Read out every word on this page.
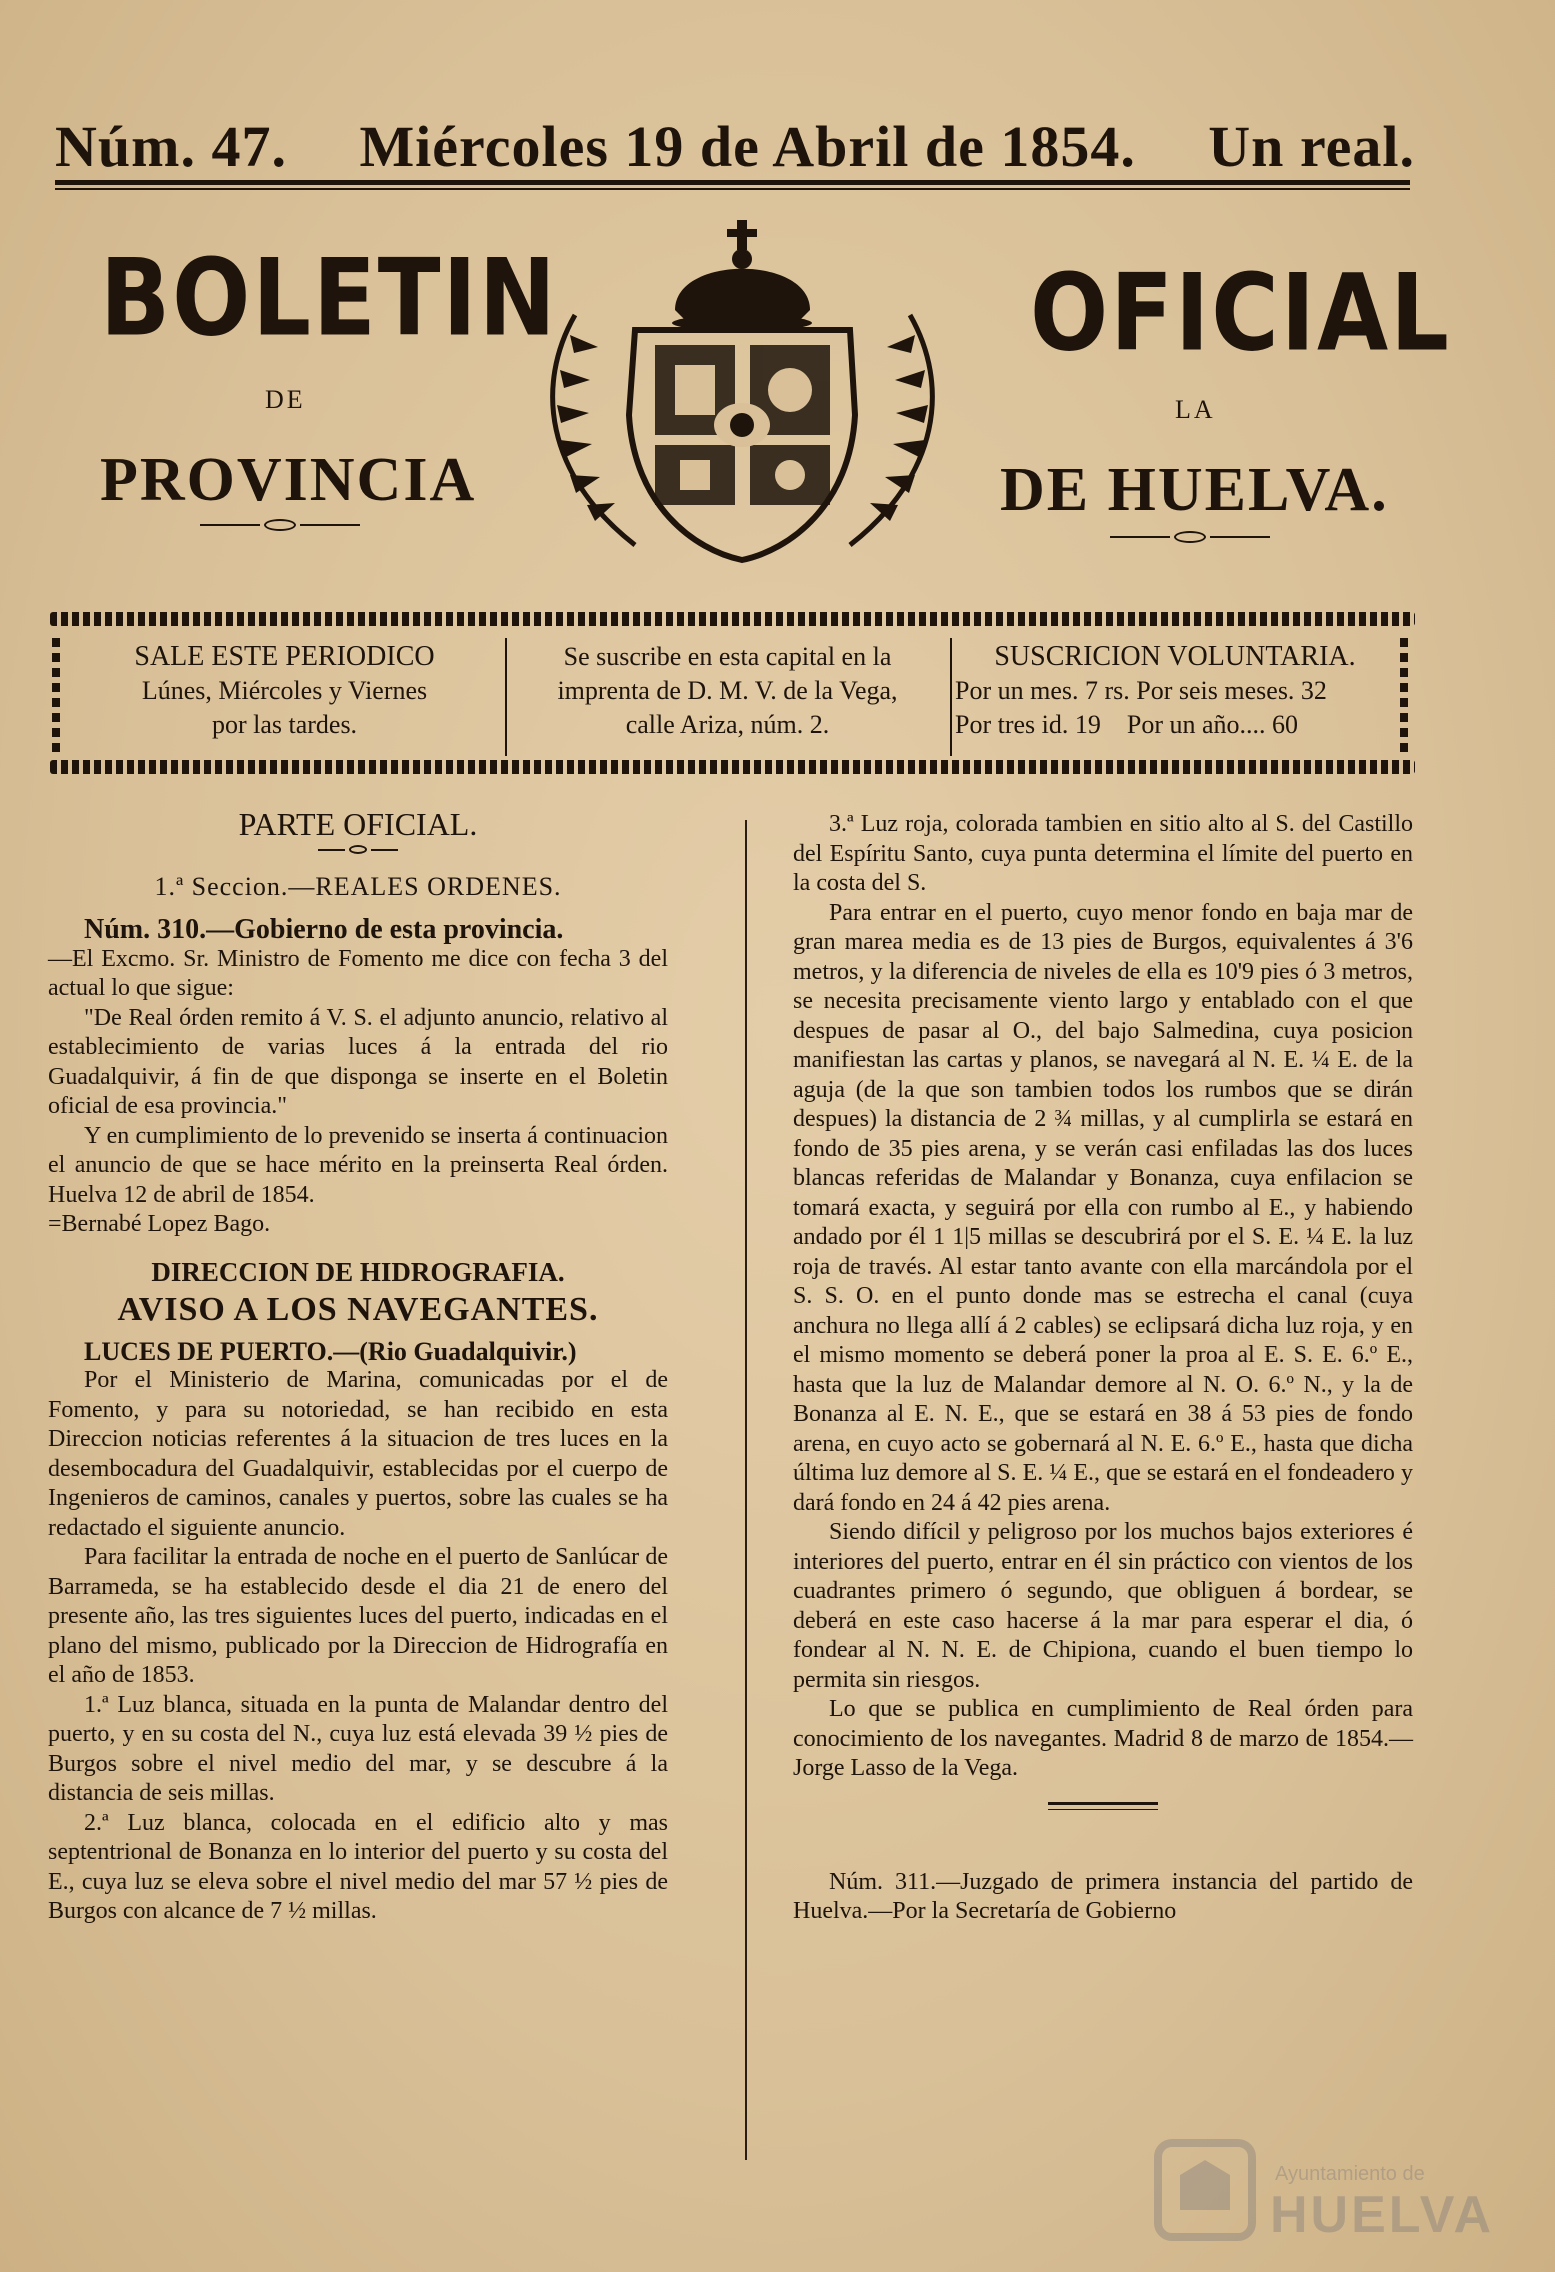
Núm. 47. Miércoles 19 de Abril de 1854. Un real.
BOLETIN	OFICIAL
DE	LA
PROVINCIA	DE HUELVA.
SALE ESTE PERIODICO
Lúnes, Miércoles y Viernes
por las tardes.
Se suscribe en esta capital en la
imprenta de D. M. V. de la Vega,
calle Ariza, núm. 2.
SUSCRICION VOLUNTARIA.
Por un mes. 7 rs. Por seis meses. 32
Por tres id. 19    Por un año.... 60
PARTE OFICIAL.
1.ª Seccion.—REALES ORDENES.

Núm. 310.—Gobierno de esta provincia.

—El Excmo. Sr. Ministro de Fomento me dice con fecha 3 del actual lo que sigue:

"De Real órden remito á V. S. el adjunto anuncio, relativo al establecimiento de varias luces á la entrada del rio Guadalquivir, á fin de que disponga se inserte en el Boletin oficial de esa provincia."

Y en cumplimiento de lo prevenido se inserta á continuacion el anuncio de que se hace mérito en la preinserta Real órden. Huelva 12 de abril de 1854.

=Bernabé Lopez Bago.

DIRECCION DE HIDROGRAFIA.
AVISO A LOS NAVEGANTES.

LUCES DE PUERTO.—(Rio Guadalquivir.)

Por el Ministerio de Marina, comunicadas por el de Fomento, y para su notoriedad, se han recibido en esta Direccion noticias referentes á la situacion de tres luces en la desembocadura del Guadalquivir, establecidas por el cuerpo de Ingenieros de caminos, canales y puertos, sobre las cuales se ha redactado el siguiente anuncio.

Para facilitar la entrada de noche en el puerto de Sanlúcar de Barrameda, se ha establecido desde el dia 21 de enero del presente año, las tres siguientes luces del puerto, indicadas en el plano del mismo, publicado por la Direccion de Hidrografía en el año de 1853.

1.ª Luz blanca, situada en la punta de Malandar dentro del puerto, y en su costa del N., cuya luz está elevada 39 ½ pies de Burgos sobre el nivel medio del mar, y se descubre á la distancia de seis millas.

2.ª Luz blanca, colocada en el edificio alto y mas septentrional de Bonanza en lo interior del puerto y su costa del E., cuya luz se eleva sobre el nivel medio del mar 57 ½ pies de Burgos con alcance de 7 ½ millas.

3.ª Luz roja, colorada tambien en sitio alto al S. del Castillo del Espíritu Santo, cuya punta determina el límite del puerto en la costa del S.

Para entrar en el puerto, cuyo menor fondo en baja mar de gran marea media es de 13 pies de Burgos, equivalentes á 3'6 metros, y la diferencia de niveles de ella es 10'9 pies ó 3 metros, se necesita precisamente viento largo y entablado con el que despues de pasar al O., del bajo Salmedina, cuya posicion manifiestan las cartas y planos, se navegará al N. E. ¼ E. de la aguja (de la que son tambien todos los rumbos que se dirán despues) la distancia de 2 ¾ millas, y al cumplirla se estará en fondo de 35 pies arena, y se verán casi enfiladas las dos luces blancas referidas de Malandar y Bonanza, cuya enfilacion se tomará exacta, y seguirá por ella con rumbo al E., y habiendo andado por él 1 1|5 millas se descubrirá por el S. E. ¼ E. la luz roja de través. Al estar tanto avante con ella marcándola por el S. S. O. en el punto donde mas se estrecha el canal (cuya anchura no llega allí á 2 cables) se eclipsará dicha luz roja, y en el mismo momento se deberá poner la proa al E. S. E. 6.º E., hasta que la luz de Malandar demore al N. O. 6.º N., y la de Bonanza al E. N. E., que se estará en 38 á 53 pies de fondo arena, en cuyo acto se gobernará al N. E. 6.º E., hasta que dicha última luz demore al S. E. ¼ E., que se estará en el fondeadero y dará fondo en 24 á 42 pies arena.

Siendo difícil y peligroso por los muchos bajos exteriores é interiores del puerto, entrar en él sin práctico con vientos de los cuadrantes primero ó segundo, que obliguen á bordear, se deberá en este caso hacerse á la mar para esperar el dia, ó fondear al N. N. E. de Chipiona, cuando el buen tiempo lo permita sin riesgos.

Lo que se publica en cumplimiento de Real órden para conocimiento de los navegantes. Madrid 8 de marzo de 1854.—Jorge Lasso de la Vega.

Núm. 311.—Juzgado de primera instancia del partido de Huelva.—Por la Secretaría de Gobierno

Ayuntamiento de
HUELVA
